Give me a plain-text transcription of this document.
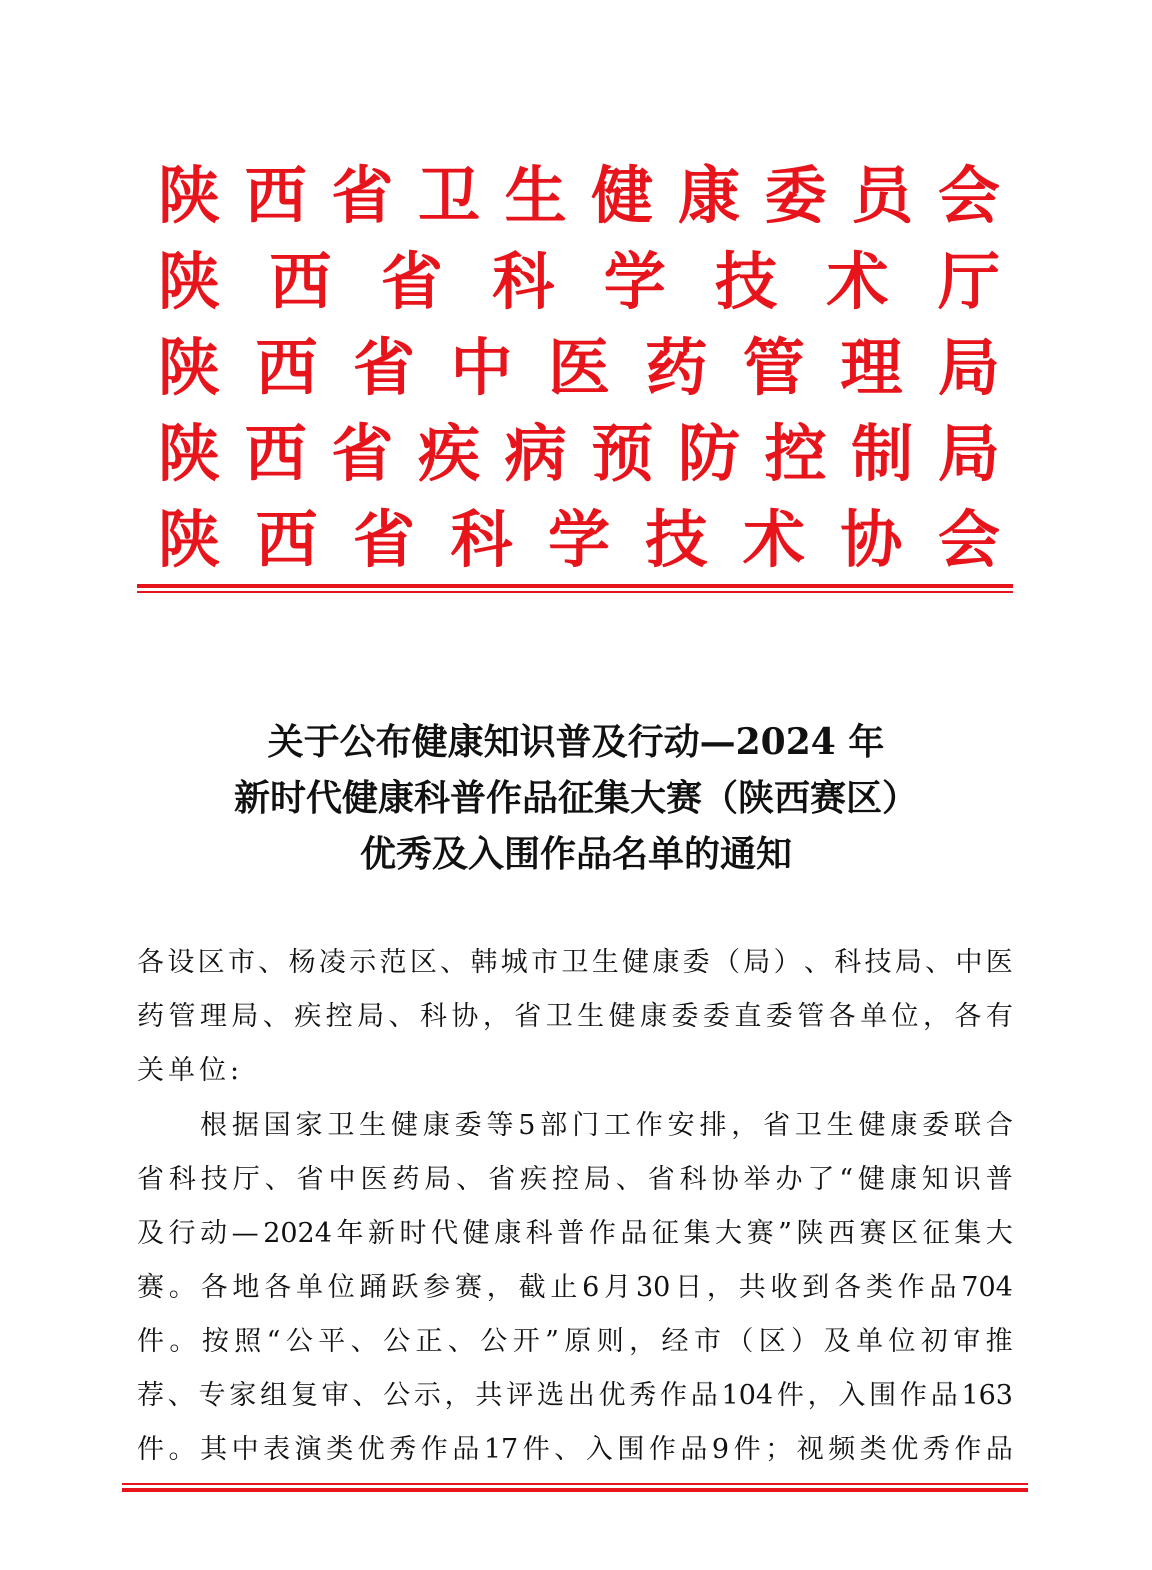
陕 西 省 卫 生 健 康 委 员 会
陕 西 省 科 学 技 术 厅
陕 西 省 中 医 药 管 理 局
陕 西 省 疾 病 预 防 控 制 局
陕 西 省 科 学 技 术 协 会
关于公布健康知识普及行动—2024 年
新时代健康科普作品征集大赛（陕西赛区）
优秀及入围作品名单的通知
各 设 区 市 、 杨 凌 示 范 区 、 韩 城 市 卫 生 健 康 委 （ 局 ） 、 科 技 局 、 中 医
药 管 理 局 、 疾 控 局 、 科 协 ， 省 卫 生 健 康 委 委 直 委 管 各 单 位 ， 各 有
关单位:
根 据 国 家 卫 生 健 康 委 等 5 部 门 工 作 安 排 ， 省 卫 生 健 康 委 联 合
省 科 技 厅 、 省 中 医 药 局 、 省 疾 控 局 、 省 科 协 举 办 了 “ 健 康 知 识 普
及 行 动 — 2024 年 新 时 代 健 康 科 普 作 品 征 集 大 赛 ” 陕 西 赛 区 征 集 大
赛 。 各 地 各 单 位 踊 跃 参 赛 ， 截 止 6 月 30 日 ， 共 收 到 各 类 作 品 704
件 。 按 照 “ 公 平 、 公 正 、 公 开 ” 原 则 ， 经 市 （ 区 ） 及 单 位 初 审 推
荐 、 专 家 组 复 审 、 公 示 ， 共 评 选 出 优 秀 作 品 104 件 ， 入 围 作 品 163
件 。 其 中 表 演 类 优 秀 作 品 17 件 、 入 围 作 品 9 件 ； 视 频 类 优 秀 作 品
